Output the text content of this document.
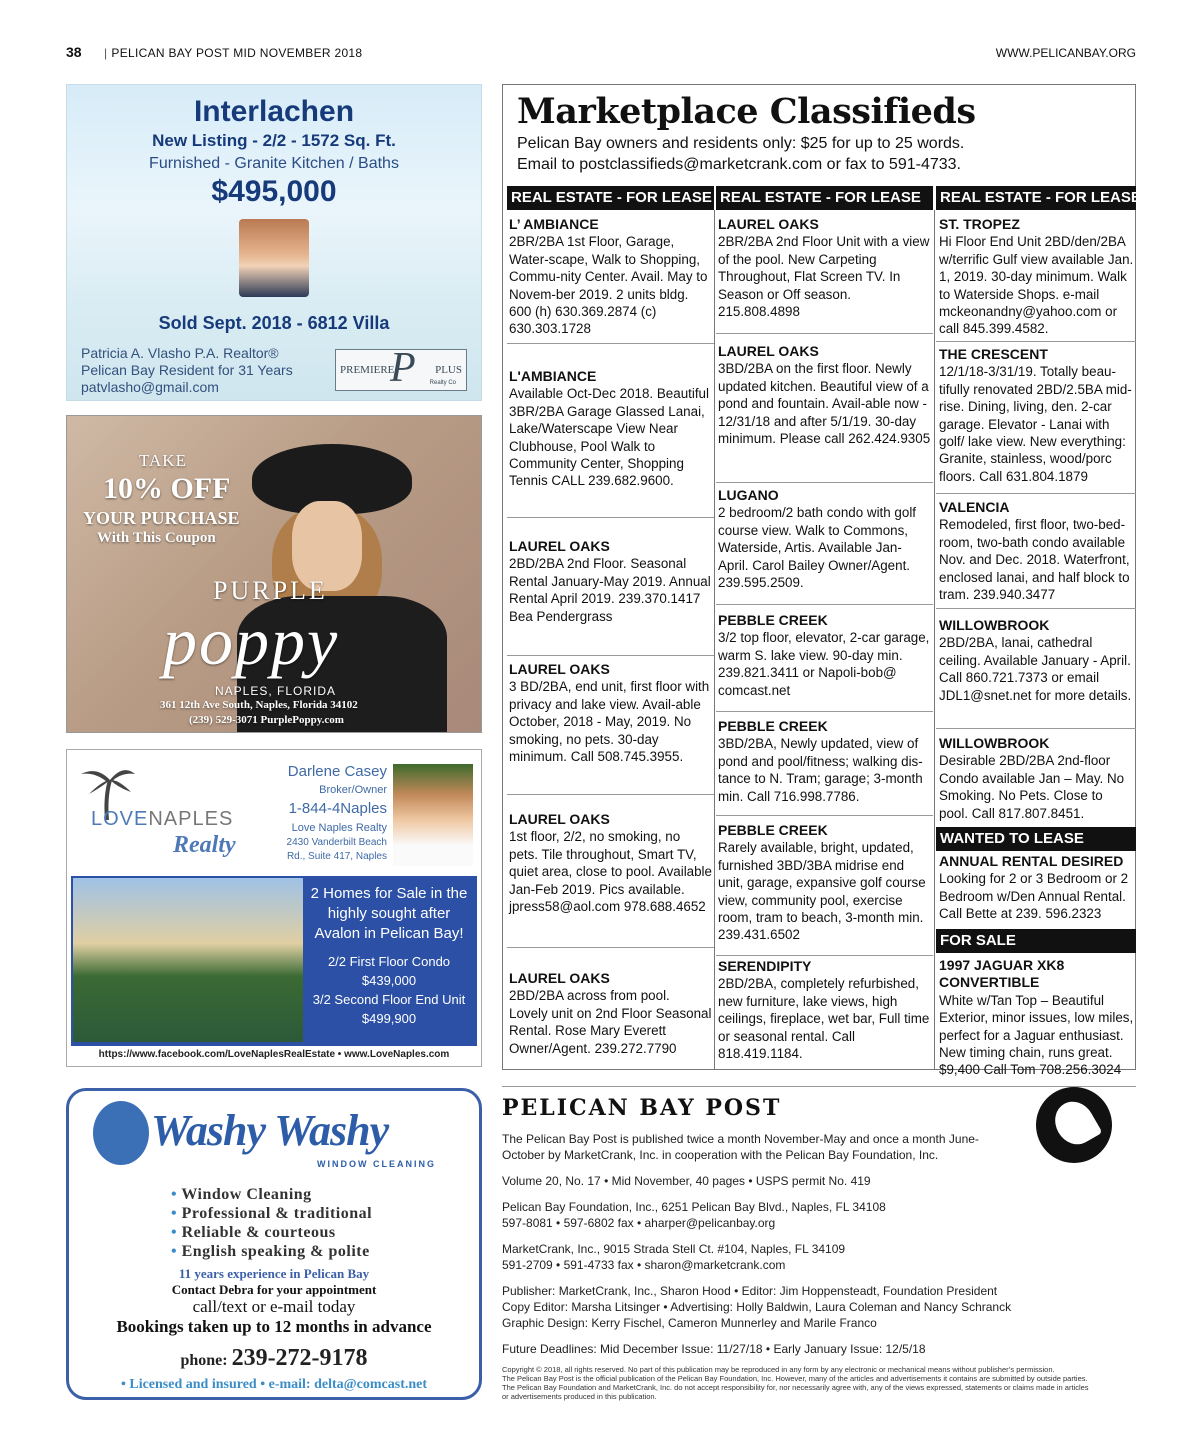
38
|	PELICAN BAY POST MID NOVEMBER 2018	WWW.PELICANBAY.ORG
Interlachen
New Listing - 2/2 - 1572 Sq. Ft.
Furnished - Granite Kitchen / Baths
$495,000
Sold Sept. 2018 - 6812 Villa
Patricia A. Vlasho P.A. Realtor®
Pelican Bay Resident for 31 Years
patvlasho@gmail.com
PREMIERE
P PLUS
Realty Co
TAKE
10% OFF
YOUR PURCHASE
With This Coupon
PURPLE
poppy
NAPLES, FLORIDA
361 12th Ave South, Naples, Florida 34102
(239) 529-3071 PurplePoppy.com
LOVENAPLES
Realty
Darlene Casey
Broker/Owner
1-844-4Naples
Love Naples Realty
2430 Vanderbilt Beach
Rd., Suite 417, Naples
2 Homes for Sale in the highly sought after Avalon in Pelican Bay!
2/2 First Floor Condo
$439,000
3/2 Second Floor End Unit
$499,900
https://www.facebook.com/LoveNaplesRealEstate • www.LoveNaples.com
Washy Washy
WINDOW CLEANING
• Window Cleaning
• Professional & traditional
• Reliable & courteous
• English speaking & polite
11 years experience in Pelican Bay
Contact Debra for your appointment
call/text or e-mail today
Bookings taken up to 12 months in advance
phone: 239-272-9178
• Licensed and insured • e-mail: delta@comcast.net
Marketplace Classifieds
Pelican Bay owners and residents only: $25 for up to 25 words.
Email to postclassifieds@marketcrank.com or fax to 591-4733.
REAL ESTATE - FOR LEASE
L’ AMBIANCE
2BR/2BA 1st Floor, Garage, Water-scape, Walk to Shopping, Commu-nity Center. Avail. May to Novem-ber 2019. 2 units bldg. 600 (h) 630.369.2874 (c) 630.303.1728
L'AMBIANCE
Available Oct-Dec 2018. Beautiful 3BR/2BA Garage Glassed Lanai, Lake/Waterscape View Near Clubhouse, Pool Walk to Community Center, Shopping Tennis CALL 239.682.9600.
LAUREL OAKS
2BD/2BA 2nd Floor. Seasonal Rental January-May 2019. Annual Rental April 2019. 239.370.1417 Bea Pendergrass
LAUREL OAKS
3 BD/2BA, end unit, first floor with privacy and lake view. Avail-able October, 2018 - May, 2019. No smoking, no pets. 30-day minimum. Call 508.745.3955.
LAUREL OAKS
1st floor, 2/2, no smoking, no pets. Tile throughout, Smart TV, quiet area, close to pool. Available Jan-Feb 2019. Pics available. jpress58@aol.com 978.688.4652
LAUREL OAKS
2BD/2BA across from pool. Lovely unit on 2nd Floor Seasonal Rental. Rose Mary Everett Owner/Agent. 239.272.7790
REAL ESTATE - FOR LEASE
LAUREL OAKS
2BR/2BA 2nd Floor Unit with a view of the pool. New Carpeting Throughout, Flat Screen TV. In Season or Off season. 215.808.4898
LAUREL OAKS
3BD/2BA on the first floor. Newly updated kitchen. Beautiful view of a pond and fountain. Avail-able now - 12/31/18 and after 5/1/19. 30-day minimum. Please call 262.424.9305
LUGANO
2 bedroom/2 bath condo with golf course view. Walk to Commons, Waterside, Artis. Available Jan-April. Carol Bailey Owner/Agent. 239.595.2509.
PEBBLE CREEK
3/2 top floor, elevator, 2-car garage, warm S. lake view. 90-day min. 239.821.3411 or Napoli-bob@ comcast.net
PEBBLE CREEK
3BD/2BA, Newly updated, view of pond and pool/fitness; walking dis-tance to N. Tram; garage; 3-month min. Call 716.998.7786.
PEBBLE CREEK
Rarely available, bright, updated, furnished 3BD/3BA midrise end unit, garage, expansive golf course view, community pool, exercise room, tram to beach, 3-month min. 239.431.6502
SERENDIPITY
2BD/2BA, completely refurbished, new furniture, lake views, high ceilings, fireplace, wet bar, Full time or seasonal rental. Call 818.419.1184.
REAL ESTATE - FOR LEASE
ST. TROPEZ
Hi Floor End Unit 2BD/den/2BA w/terrific Gulf view available Jan. 1, 2019. 30-day minimum. Walk to Waterside Shops. e-mail mckeonandny@yahoo.com or call 845.399.4582.
THE CRESCENT
12/1/18-3/31/19. Totally beau-tifully renovated 2BD/2.5BA mid-rise. Dining, living, den. 2-car garage. Elevator - Lanai with golf/ lake view. New everything: Granite, stainless, wood/porc floors. Call 631.804.1879
VALENCIA
Remodeled, first floor, two-bed-room, two-bath condo available Nov. and Dec. 2018. Waterfront, enclosed lanai, and half block to tram. 239.940.3477
WILLOWBROOK
2BD/2BA, lanai, cathedral ceiling. Available January - April. Call 860.721.7373 or email JDL1@snet.net for more details.
WILLOWBROOK
Desirable 2BD/2BA 2nd-floor Condo available Jan – May. No Smoking. No Pets. Close to pool. Call 817.807.8451.
WANTED TO LEASE
ANNUAL RENTAL DESIRED
Looking for 2 or 3 Bedroom or 2 Bedroom w/Den Annual Rental. Call Bette at 239. 596.2323
FOR SALE
1997 JAGUAR XK8 CONVERTIBLE
White w/Tan Top – Beautiful Exterior, minor issues, low miles, perfect for a Jaguar enthusiast. New timing chain, runs great. $9,400 Call Tom 708.256.3024
PELICAN BAY POST

The Pelican Bay Post is published twice a month November-May and once a month June-October by MarketCrank, Inc. in cooperation with the Pelican Bay Foundation, Inc.

Volume 20, No. 17 • Mid November, 40 pages • USPS permit No. 419

Pelican Bay Foundation, Inc., 6251 Pelican Bay Blvd., Naples, FL 34108

597-8081 • 597-6802 fax • aharper@pelicanbay.org

MarketCrank, Inc., 9015 Strada Stell Ct. #104, Naples, FL 34109

591-2709 • 591-4733 fax • sharon@marketcrank.com

Publisher: MarketCrank, Inc., Sharon Hood • Editor: Jim Hoppensteadt, Foundation President

Copy Editor: Marsha Litsinger • Advertising: Holly Baldwin, Laura Coleman and Nancy Schranck

Graphic Design: Kerry Fischel, Cameron Munnerley and Marile Franco

Future Deadlines: Mid December Issue: 11/27/18 • Early January Issue: 12/5/18

Copyright © 2018, all rights reserved. No part of this publication may be reproduced in any form by any electronic or mechanical means without publisher’s permission.

The Pelican Bay Post is the official publication of the Pelican Bay Foundation, Inc. However, many of the articles and advertisements it contains are submitted by outside parties.

The Pelican Bay Foundation and MarketCrank, Inc. do not accept responsibility for, nor necessarily agree with, any of the views expressed, statements or claims made in articles

or advertisements produced in this publication.
